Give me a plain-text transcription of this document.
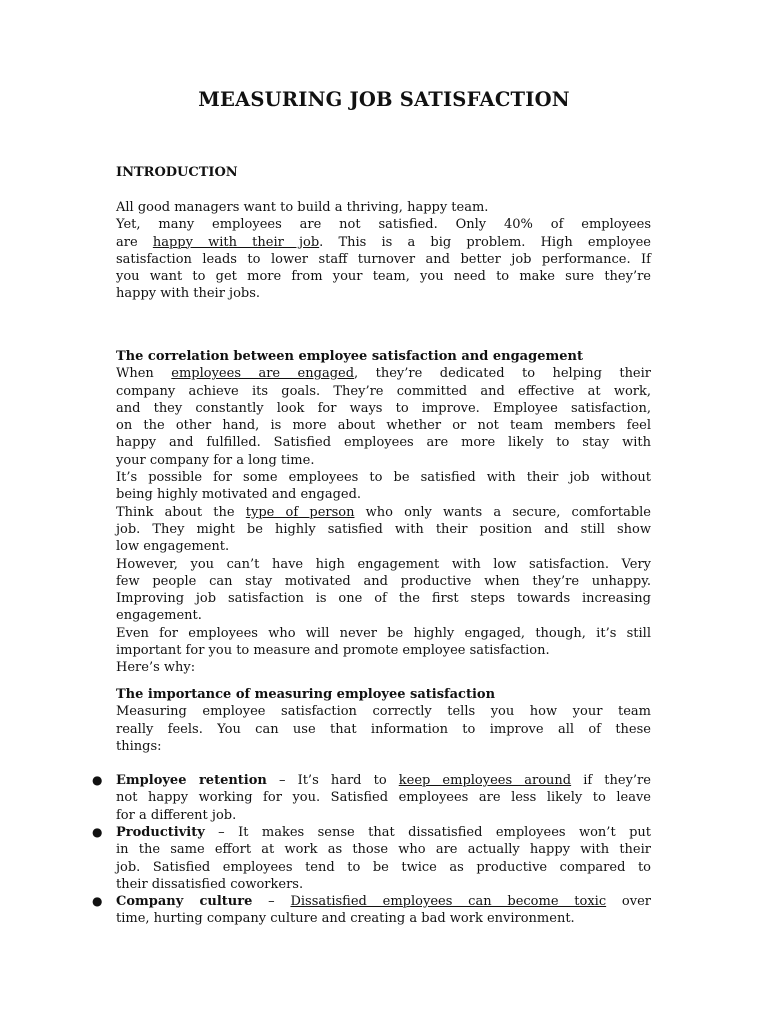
MEASURING JOB SATISFACTION
INTRODUCTION
All good managers want to build a thriving, happy team.
Yet, many employees are not satisfied. Only 40% of employees
are happy with their job. This is a big problem. High employee
satisfaction leads to lower staff turnover and better job performance. If
you want to get more from your team, you need to make sure they’re
happy with their jobs.
The correlation between employee satisfaction and engagement
When employees are engaged, they’re dedicated to helping their
company achieve its goals. They’re committed and effective at work,
and they constantly look for ways to improve. Employee satisfaction,
on the other hand, is more about whether or not team members feel
happy and fulfilled. Satisfied employees are more likely to stay with
your company for a long time.
It’s possible for some employees to be satisfied with their job without
being highly motivated and engaged.
Think about the type of person who only wants a secure, comfortable
job. They might be highly satisfied with their position and still show
low engagement.
However, you can’t have high engagement with low satisfaction. Very
few people can stay motivated and productive when they’re unhappy.
Improving job satisfaction is one of the first steps towards increasing
engagement.
Even for employees who will never be highly engaged, though, it’s still
important for you to measure and promote employee satisfaction.
Here’s why:
The importance of measuring employee satisfaction
Measuring employee satisfaction correctly tells you how your team
really feels. You can use that information to improve all of these
things:
● Employee retention – It’s hard to keep employees around if they’re
not happy working for you. Satisfied employees are less likely to leave
for a different job.
● Productivity – It makes sense that dissatisfied employees won’t put
in the same effort at work as those who are actually happy with their
job. Satisfied employees tend to be twice as productive compared to
their dissatisfied coworkers.
● Company culture – Dissatisfied employees can become toxic over
time, hurting company culture and creating a bad work environment.
